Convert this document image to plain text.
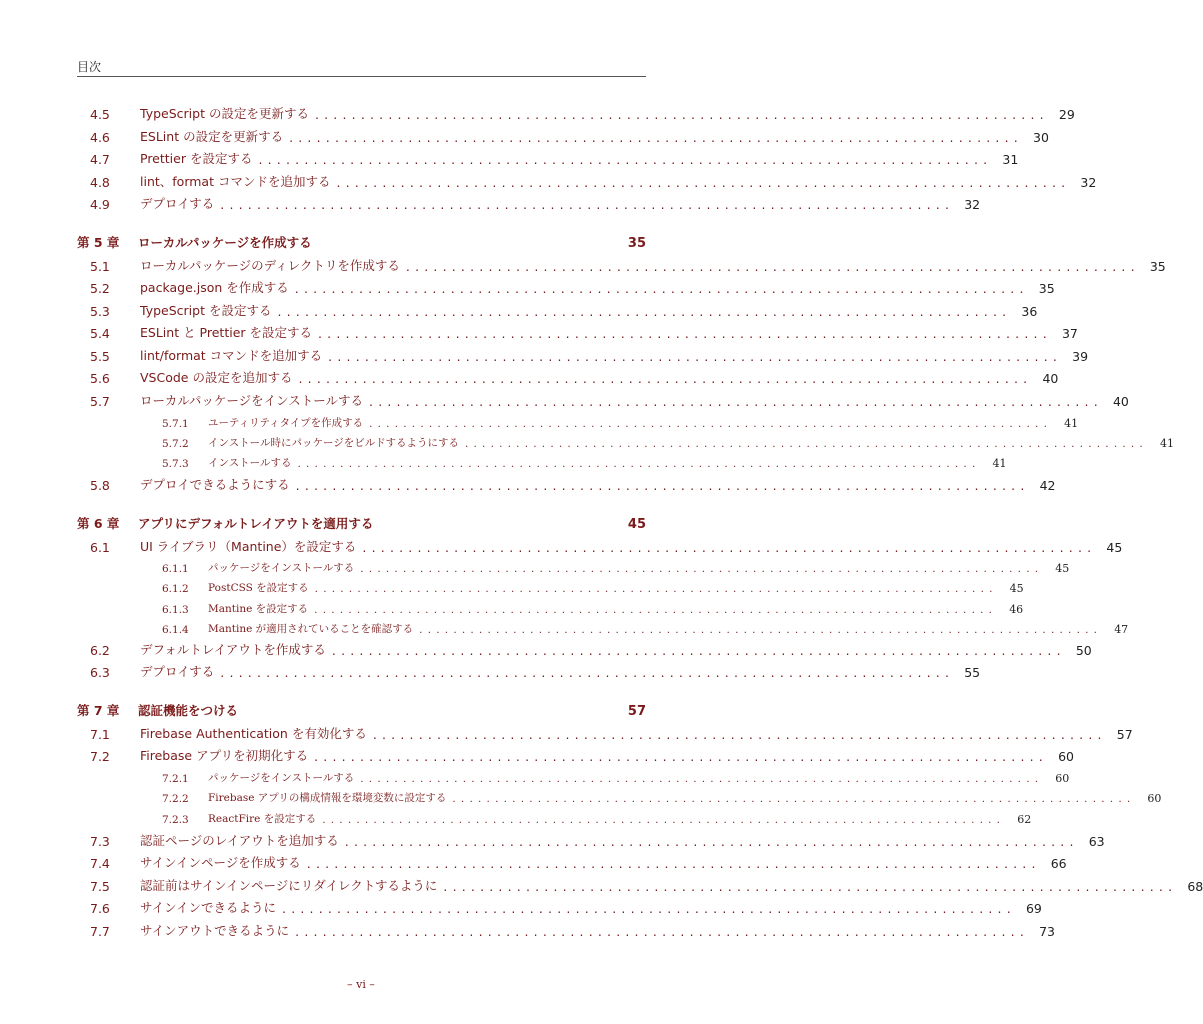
目次
4.5	TypeScript の設定を更新する ................................................................................ 29
4.6	ESLint の設定を更新する ................................................................................ 30
4.7	Prettier を設定する ................................................................................ 31
4.8	lint、format コマンドを追加する ................................................................................ 32
4.9	デプロイする ................................................................................ 32
第 5 章	ローカルパッケージを作成する	35
5.1	ローカルパッケージのディレクトリを作成する ................................................................................ 35
5.2	package.json を作成する ................................................................................ 35
5.3	TypeScript を設定する ................................................................................ 36
5.4	ESLint と Prettier を設定する ................................................................................ 37
5.5	lint/format コマンドを追加する ................................................................................ 39
5.6	VSCode の設定を追加する ................................................................................ 40
5.7	ローカルパッケージをインストールする ................................................................................ 40
5.7.1	ユーティリティタイプを作成する ................................................................................	41
5.7.2	インストール時にパッケージをビルドするようにする ................................................................................	41
5.7.3	インストールする ................................................................................	41
5.8	デプロイできるようにする ................................................................................ 42
第 6 章	アプリにデフォルトレイアウトを適用する	45
6.1	UI ライブラリ（Mantine）を設定する ................................................................................ 45
6.1.1	パッケージをインストールする ................................................................................	45
6.1.2	PostCSS を設定する ................................................................................	45
6.1.3	Mantine を設定する ................................................................................	46
6.1.4	Mantine が適用されていることを確認する ................................................................................	47
6.2	デフォルトレイアウトを作成する ................................................................................ 50
6.3	デプロイする ................................................................................ 55
第 7 章	認証機能をつける	57
7.1	Firebase Authentication を有効化する ................................................................................ 57
7.2	Firebase アプリを初期化する ................................................................................ 60
7.2.1	パッケージをインストールする ................................................................................	60
7.2.2	Firebase アプリの構成情報を環境変数に設定する ................................................................................	60
7.2.3	ReactFire を設定する ................................................................................	62
7.3	認証ページのレイアウトを追加する ................................................................................ 63
7.4	サインインページを作成する ................................................................................ 66
7.5	認証前はサインインページにリダイレクトするように ................................................................................ 68
7.6	サインインできるように ................................................................................ 69
7.7	サインアウトできるように ................................................................................ 73
– vi –
